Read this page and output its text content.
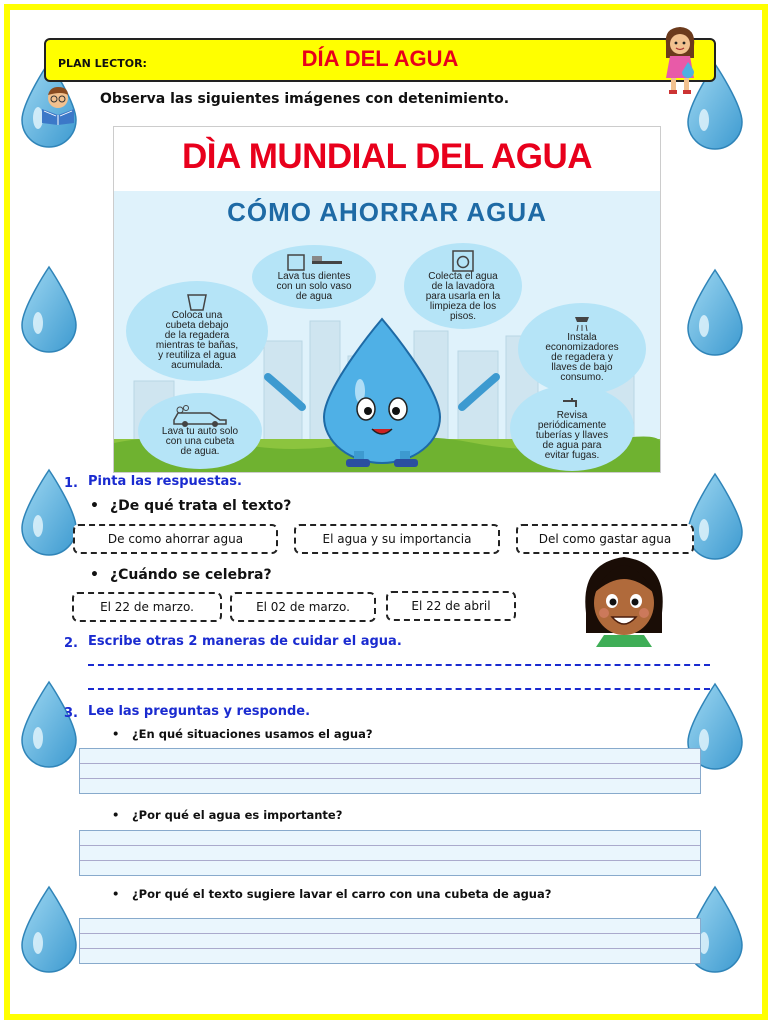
PLAN LECTOR:	DÍA DEL AGUA
Observa las siguientes imágenes con detenimiento.
DÌA MUNDIAL DEL AGUA
CÓMO AHORRAR AGUA
Lava tus dientes
con un solo vaso
de agua
Colecta el agua
de la lavadora
para usarla en la
limpieza de los
pisos.
Coloca una
cubeta debajo
de la regadera
mientras te bañas,
y reutiliza el agua
acumulada.
Instala
economizadores
de regadera y
llaves de bajo
consumo.
Lava tu auto solo
con una cubeta
de agua.
Revisa
periódicamente
tuberías y llaves
de agua para
evitar fugas.
1. Pinta las respuestas.
• ¿De qué trata el texto?
De como ahorrar agua	El agua y su importancia	Del como gastar agua
• ¿Cuándo se celebra?
El 22 de marzo.	El 02 de marzo.	El 22 de abril
2. Escribe otras 2 maneras de cuidar el agua.
3. Lee las preguntas y responde.
• ¿En qué situaciones usamos el agua?
• ¿Por qué el agua es importante?
• ¿Por qué el texto sugiere lavar el carro con una cubeta de agua?
